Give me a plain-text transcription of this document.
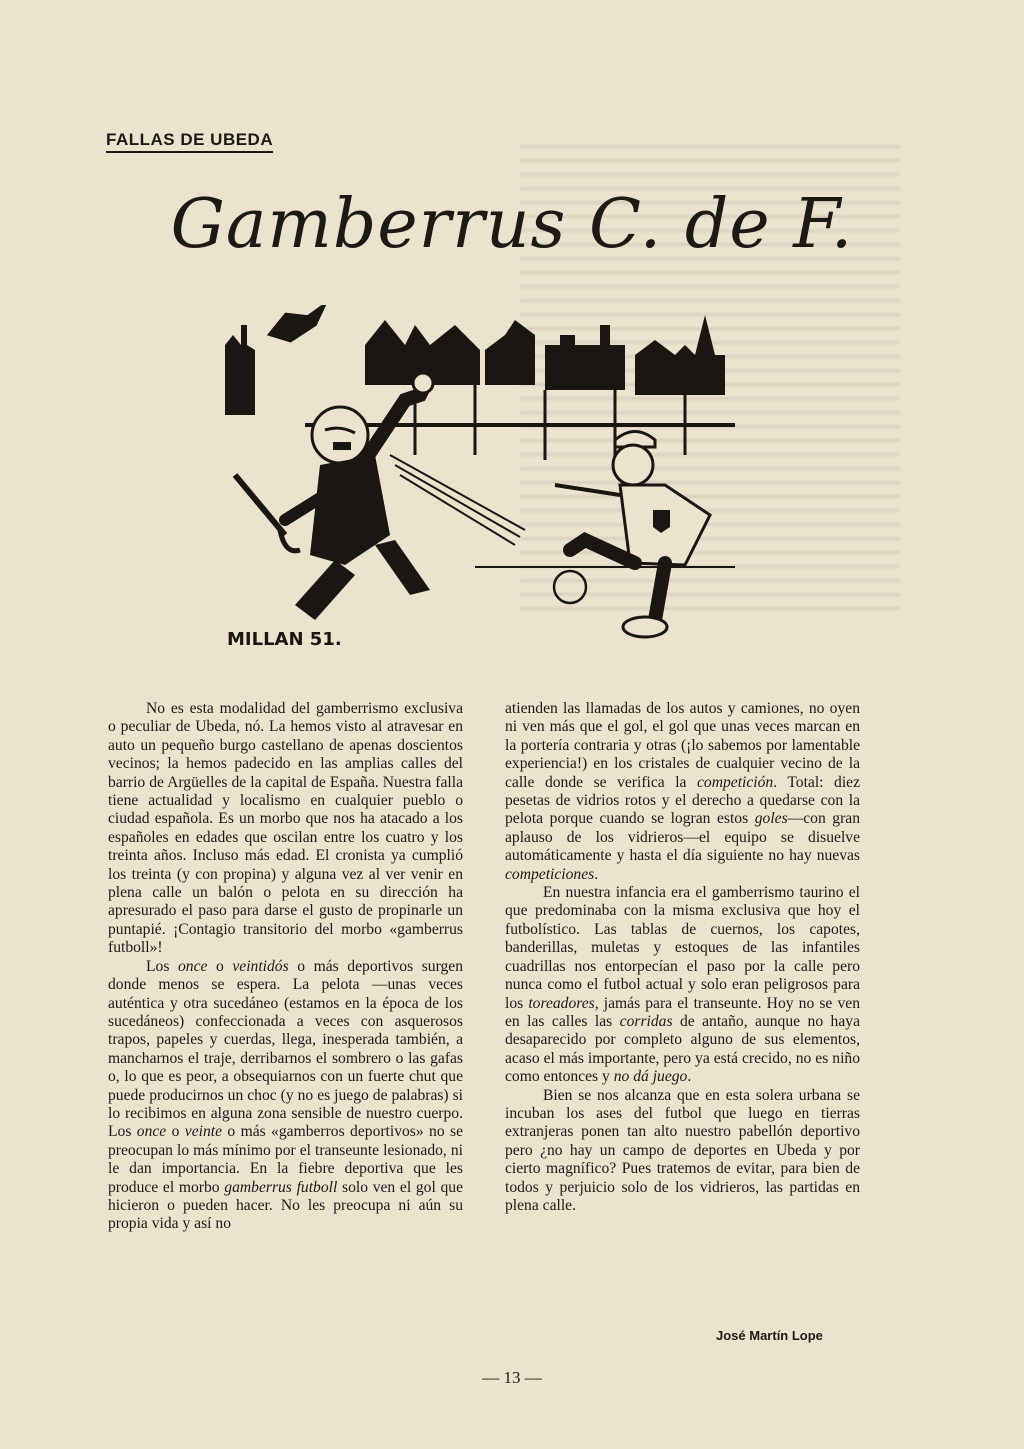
FALLAS DE UBEDA
Gamberrus C. de F.
MILLAN 51.

No es esta modalidad del gamberrismo exclusiva o peculiar de Ubeda, nó. La hemos visto al atravesar en auto un pequeño burgo castellano de apenas doscientos vecinos; la hemos padecido en las amplias calles del barrio de Argüelles de la capital de España. Nuestra falla tiene actualidad y localismo en cualquier pueblo o ciudad española. Es un morbo que nos ha atacado a los españoles en edades que oscilan entre los cuatro y los treinta años. Incluso más edad. El cronista ya cumplió los treinta (y con propina) y alguna vez al ver venir en plena calle un balón o pelota en su dirección ha apresurado el paso para darse el gusto de propinarle un puntapié. ¡Contagio transitorio del morbo «gamberrus futboll»!

Los once o veintidós o más deportivos surgen donde menos se espera. La pelota —unas veces auténtica y otra sucedáneo (estamos en la época de los sucedáneos) confeccionada a veces con asquerosos trapos, papeles y cuerdas, llega, inesperada también, a mancharnos el traje, derribarnos el sombrero o las gafas o, lo que es peor, a obsequiarnos con un fuerte chut que puede producirnos un choc (y no es juego de palabras) si lo recibimos en alguna zona sensible de nuestro cuerpo. Los once o veinte o más «gamberros deportivos» no se preocupan lo más mínimo por el transeunte lesionado, ni le dan importancia. En la fiebre deportiva que les produce el morbo gamberrus futboll solo ven el gol que hicieron o pueden hacer. No les preocupa ni aún su propia vida y así no

atienden las llamadas de los autos y camiones, no oyen ni ven más que el gol, el gol que unas veces marcan en la portería contraria y otras (¡lo sabemos por lamentable experiencia!) en los cristales de cualquier vecino de la calle donde se verifica la competición. Total: diez pesetas de vidrios rotos y el derecho a quedarse con la pelota porque cuando se logran estos goles—con gran aplauso de los vidrieros—el equipo se disuelve automáticamente y hasta el día siguiente no hay nuevas competiciones.

En nuestra infancia era el gamberrismo taurino el que predominaba con la misma exclusiva que hoy el futbolístico. Las tablas de cuernos, los capotes, banderillas, muletas y estoques de las infantiles cuadrillas nos entorpecían el paso por la calle pero nunca como el futbol actual y solo eran peligrosos para los toreadores, jamás para el transeunte. Hoy no se ven en las calles las corridas de antaño, aunque no haya desaparecido por completo alguno de sus elementos, acaso el más importante, pero ya está crecido, no es niño como entonces y no dá juego.

Bien se nos alcanza que en esta solera urbana se incuban los ases del futbol que luego en tierras extranjeras ponen tan alto nuestro pabellón deportivo pero ¿no hay un campo de deportes en Ubeda y por cierto magnífico? Pues tratemos de evitar, para bien de todos y perjuicio solo de los vidrieros, las partidas en plena calle.

José Martín Lope
— 13 —
